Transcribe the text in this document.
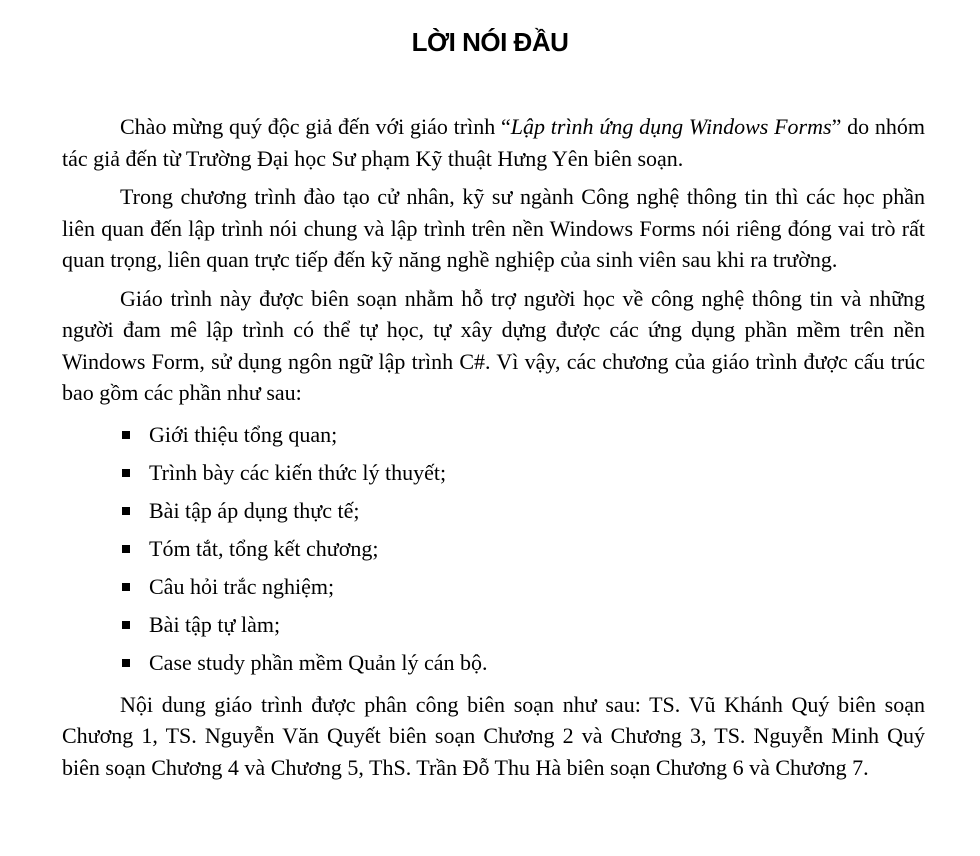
LỜI NÓI ĐẦU

Chào mừng quý độc giả đến với giáo trình “Lập trình ứng dụng Windows Forms” do nhóm tác giả đến từ Trường Đại học Sư phạm Kỹ thuật Hưng Yên biên soạn.

Trong chương trình đào tạo cử nhân, kỹ sư ngành Công nghệ thông tin thì các học phần liên quan đến lập trình nói chung và lập trình trên nền Windows Forms nói riêng đóng vai trò rất quan trọng, liên quan trực tiếp đến kỹ năng nghề nghiệp của sinh viên sau khi ra trường.

Giáo trình này được biên soạn nhằm hỗ trợ người học về công nghệ thông tin và những người đam mê lập trình có thể tự học, tự xây dựng được các ứng dụng phần mềm trên nền Windows Form, sử dụng ngôn ngữ lập trình C#. Vì vậy, các chương của giáo trình được cấu trúc bao gồm các phần như sau:

Giới thiệu tổng quan;
Trình bày các kiến thức lý thuyết;
Bài tập áp dụng thực tế;
Tóm tắt, tổng kết chương;
Câu hỏi trắc nghiệm;
Bài tập tự làm;
Case study phần mềm Quản lý cán bộ.

Nội dung giáo trình được phân công biên soạn như sau: TS. Vũ Khánh Quý biên soạn Chương 1, TS. Nguyễn Văn Quyết biên soạn Chương 2 và Chương 3, TS. Nguyễn Minh Quý biên soạn Chương 4 và Chương 5, ThS. Trần Đỗ Thu Hà biên soạn Chương 6 và Chương 7.
